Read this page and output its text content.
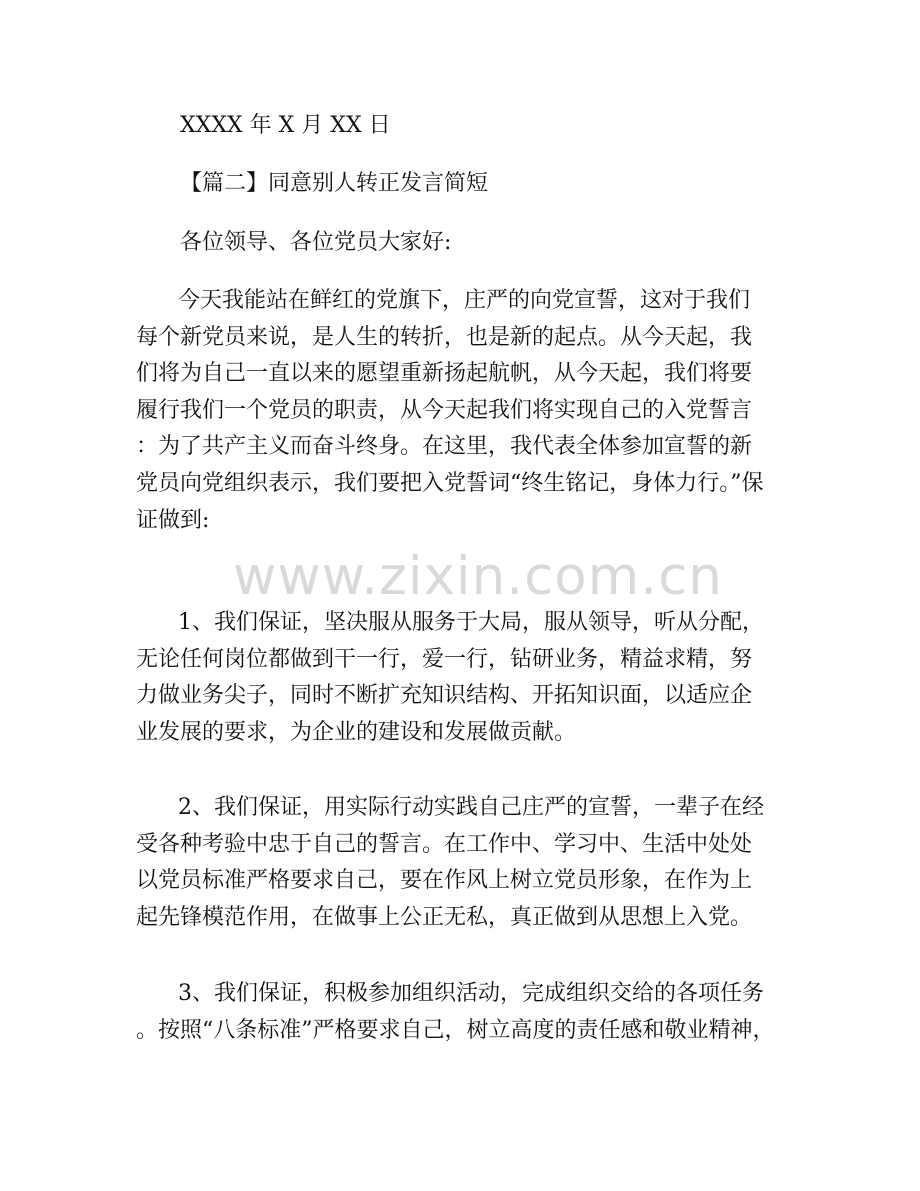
XXXX 年 X 月 XX 日

【篇二】同意别人转正发言简短

各位领导、各位党员大家好:

今天我能站在鲜红的党旗下，庄严的向党宣誓，这对于我们
每个新党员来说，是人生的转折，也是新的起点。从今天起，我
们将为自己一直以来的愿望重新扬起航帆，从今天起，我们将要
履行我们一个党员的职责，从今天起我们将实现自己的入党誓言
：为了共产主义而奋斗终身。在这里，我代表全体参加宣誓的新
党员向党组织表示，我们要把入党誓词“终生铭记，身体力行。”保
证做到:
1、我们保证，坚决服从服务于大局，服从领导，听从分配，
无论任何岗位都做到干一行，爱一行，钻研业务，精益求精，努
力做业务尖子，同时不断扩充知识结构、开拓知识面，以适应企
业发展的要求，为企业的建设和发展做贡献。
2、我们保证，用实际行动实践自己庄严的宣誓，一辈子在经
受各种考验中忠于自己的誓言。在工作中、学习中、生活中处处
以党员标准严格要求自己，要在作风上树立党员形象，在作为上
起先锋模范作用，在做事上公正无私，真正做到从思想上入党。
3、我们保证，积极参加组织活动，完成组织交给的各项任务
。按照“八条标准”严格要求自己，树立高度的责任感和敬业精神，
www.zixin.com.cn
